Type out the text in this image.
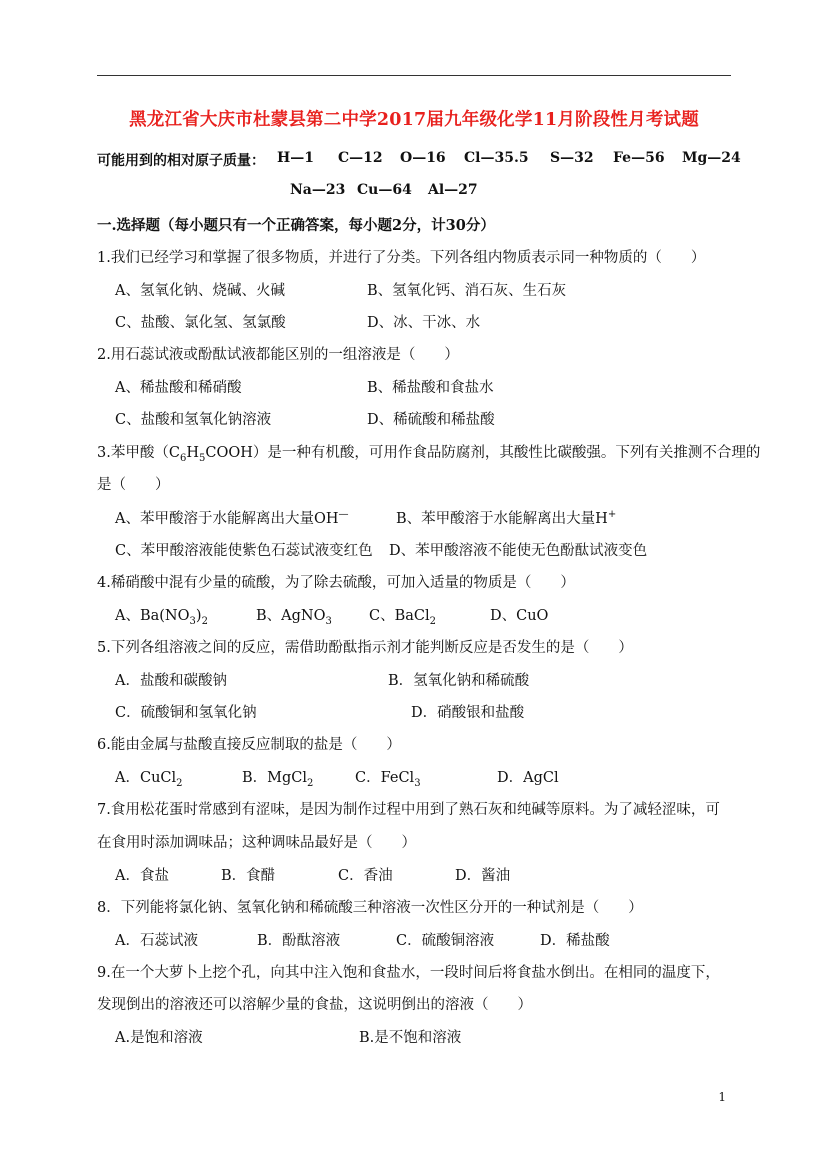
黑龙江省大庆市杜蒙县第二中学2017届九年级化学11月阶段性月考试题
可能用到的相对原子质量： H—1 C—12 O—16 Cl—35.5 S—32 Fe—56 Mg—24
Na—23 Cu—64 Al—27
一.选择题（每小题只有一个正确答案，每小题2分，计30分）
1.我们已经学习和掌握了很多物质，并进行了分类。下列各组内物质表示同一种物质的（　　）
A、氢氧化钠、烧碱、火碱	B、氢氧化钙、消石灰、生石灰
C、盐酸、氯化氢、氢氯酸	D、冰、干冰、水
2.用石蕊试液或酚酞试液都能区别的一组溶液是（　　）
A、稀盐酸和稀硝酸	B、稀盐酸和食盐水
C、盐酸和氢氧化钠溶液	D、稀硫酸和稀盐酸
3.苯甲酸$(C_6H_5COOH)$是一种有机酸，可用作食品防腐剂，其酸性比碳酸强。下列有关推测不合理的
是（　　）
A、苯甲酸溶于水能解离出大量OH—	B、苯甲酸溶于水能解离出大量H+
C、苯甲酸溶液能使紫色石蕊试液变红色 D、苯甲酸溶液不能使无色酚酞试液变色
4.稀硝酸中混有少量的硫酸，为了除去硫酸，可加入适量的物质是（　　）
A、$Ba(NO_3)_2$	B、AgNO$_3$	C、BaCl$_2$	D、CuO
5.下列各组溶液之间的反应，需借助酚酞指示剂才能判断反应是否发生的是（　　）
A．盐酸和碳酸钠	B．氢氧化钠和稀硫酸
C．硫酸铜和氢氧化钠	D．硝酸银和盐酸
6.能由金属与盐酸直接反应制取的盐是（　　）
A．CuCl$_2$	B．MgCl$_2$	C．FeCl$_3$	D．AgCl
7.食用松花蛋时常感到有涩味，是因为制作过程中用到了熟石灰和纯碱等原料。为了减轻涩味，可
在食用时添加调味品；这种调味品最好是（　　）
A．食盐	B．食醋	C．香油	D．酱油
8．下列能将氯化钠、氢氧化钠和稀硫酸三种溶液一次性区分开的一种试剂是（　　）
A．石蕊试液	B．酚酞溶液	C．硫酸铜溶液	D．稀盐酸
9.在一个大萝卜上挖个孔，向其中注入饱和食盐水，一段时间后将食盐水倒出。在相同的温度下，
发现倒出的溶液还可以溶解少量的食盐，这说明倒出的溶液（　　）
A.是饱和溶液	B.是不饱和溶液
1
